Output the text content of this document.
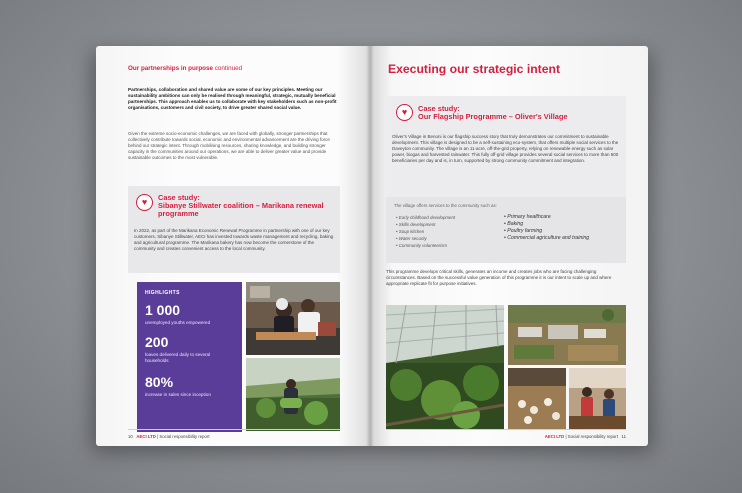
Our partnerships in purpose continued
Partnerships, collaboration and shared value are some of our key principles. Meeting our sustainability ambitions can only be realised through meaningful, strategic, mutually beneficial partnerships. This approach enables us to collaborate with key stakeholders such as non-profit organisations, customers and civil society, to drive greater shared social value.
Given the extreme socio-economic challenges, we are faced with globally, stronger partnerships that collectively contribute towards social, economic and environmental advancement are the driving force behind our strategic intent. Through mobilising resources, sharing knowledge, and building stronger capacity in the communities around our operations, we are able to deliver greater value and provide sustainable outcomes to the most vulnerable.
♥	Case study:
Sibanye Stillwater coalition – Marikana renewal programme
In 2022, as part of the Marikana Economic Renewal Programme in partnership with one of our key customers, Sibanye Stillwater, AECI has invested towards waste management and recycling, baking and agricultural programme. The Marikana bakery has now become the cornerstone of the community and creates convenient access to the local community.
HIGHLIGHTS
1 000
unemployed youths empowered
200
loaves delivered daily to several households
80%
increase in sales since inception
10 AECI LTD | Social responsibility report
Executing our strategic intent
♥	Case study:
Our Flagship Programme – Oliver's Village
Oliver's Village in Benoni is our flagship success story that truly demonstrates our commitment to sustainable development. This village is designed to be a self-sustaining eco-system, that offers multiple social services to the Daveyton community. The village is an 11-acre, off-the-grid property, relying on renewable energy such as solar power, biogas and harvested rainwater. This fully off-grid village provides several social services to more than 600 beneficiaries per day and is, in turn, supported by strong community commitment and integration.
The village offers services to the community such as:
• Early childhood development
• Skills development
• Soup kitchen
• Water security
• Community volunteerism
• Primary healthcare
• Baking
• Poultry farming
• Commercial agriculture and training
This programme develops critical skills, generates an income and creates jobs who are facing challenging circumstances. Based on the successful value generation of this programme it is our intent to scale up and where appropriate replicate fit for purpose initiatives.
AECI LTD | Social responsibility report 11
